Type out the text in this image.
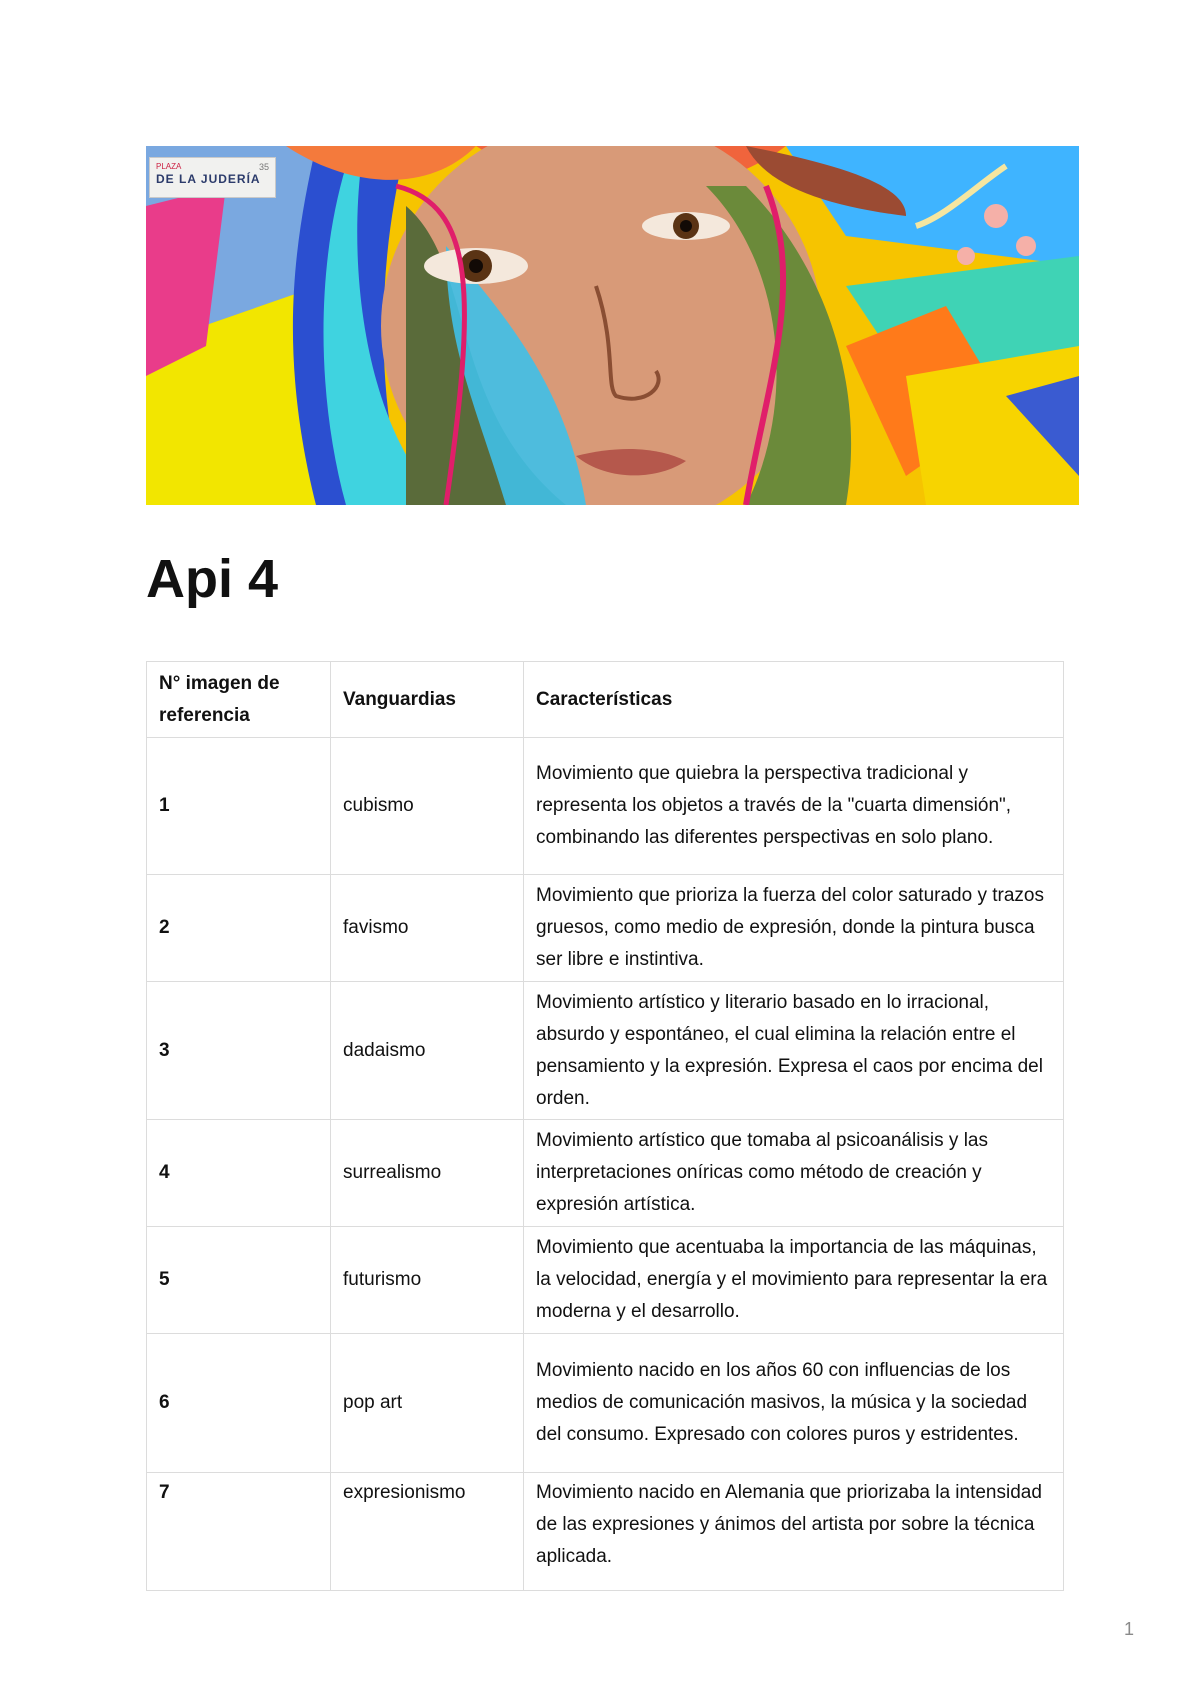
PLAZA
DE LA JUDERÍA
35
Api 4
N° imagen de referencia	Vanguardias	Características
1	cubismo	Movimiento que quiebra la perspectiva tradicional y representa los objetos a través de la "cuarta dimensión", combinando las diferentes perspectivas en solo plano.
2	favismo	Movimiento que prioriza la fuerza del color saturado y trazos gruesos, como medio de expresión, donde la pintura busca ser libre e instintiva.
3	dadaismo	Movimiento artístico y literario basado en lo irracional, absurdo y espontáneo, el cual elimina la relación entre el pensamiento y la expresión. Expresa el caos por encima del orden.
4	surrealismo	Movimiento artístico que tomaba al psicoanálisis y las interpretaciones oníricas como método de creación y expresión artística.
5	futurismo	Movimiento que acentuaba la importancia de las máquinas, la velocidad, energía y el movimiento para representar la era moderna y el desarrollo.
6	pop art	Movimiento nacido en los años 60 con influencias de los medios de comunicación masivos, la música y la sociedad del consumo. Expresado con colores puros y estridentes.
7	expresionismo	Movimiento nacido en Alemania que priorizaba la intensidad de las expresiones y ánimos del artista por sobre la técnica aplicada.
1
